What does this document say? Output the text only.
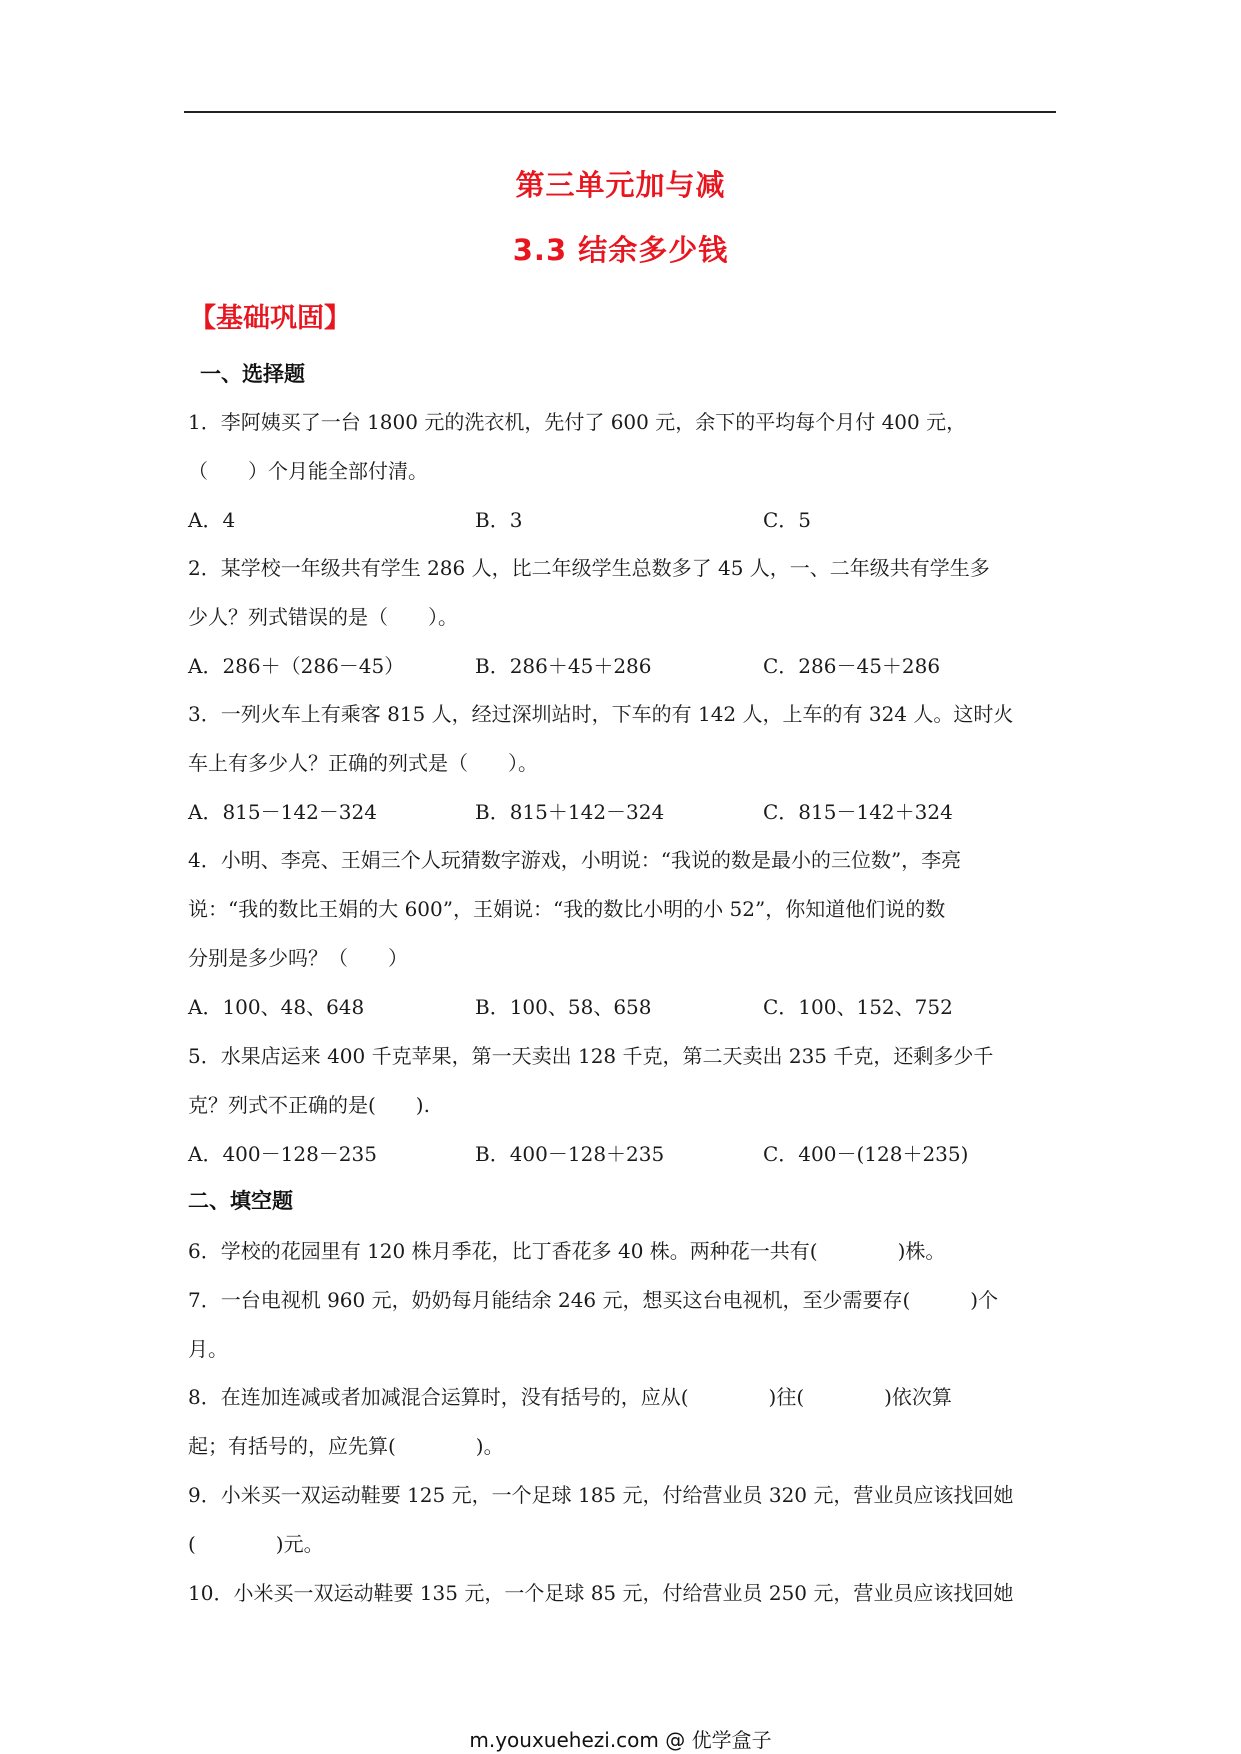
第三单元加与减
3.3 结余多少钱
【基础巩固】
一、选择题
1．李阿姨买了一台 1800 元的洗衣机，先付了 600 元，余下的平均每个月付 400 元，
（　　）个月能全部付清。
A．4	B．3	C．5
2．某学校一年级共有学生 286 人，比二年级学生总数多了 45 人，一、二年级共有学生多
少人？列式错误的是（　　）。
A．286＋（286－45）	B．286＋45＋286	C．286－45＋286
3．一列火车上有乘客 815 人，经过深圳站时，下车的有 142 人，上车的有 324 人。这时火
车上有多少人？正确的列式是（　　）。
A．815－142－324	B．815＋142－324	C．815－142＋324
4．小明、李亮、王娟三个人玩猜数字游戏，小明说：“我说的数是最小的三位数”，李亮
说：“我的数比王娟的大 600”，王娟说：“我的数比小明的小 52”，你知道他们说的数
分别是多少吗？（　　）
A．100、48、648	B．100、58、658	C．100、152、752
5．水果店运来 400 千克苹果，第一天卖出 128 千克，第二天卖出 235 千克，还剩多少千
克？列式不正确的是(　　).
A．400－128－235	B．400－128＋235	C．400－(128＋235)
二、填空题
6．学校的花园里有 120 株月季花，比丁香花多 40 株。两种花一共有(　　　　)株。
7．一台电视机 960 元，奶奶每月能结余 246 元，想买这台电视机，至少需要存(　　　)个
月。
8．在连加连减或者加减混合运算时，没有括号的，应从(　　　　)往(　　　　)依次算
起；有括号的，应先算(　　　　)。
9．小米买一双运动鞋要 125 元，一个足球 185 元，付给营业员 320 元，营业员应该找回她
(　　　　)元。
10．小米买一双运动鞋要 135 元，一个足球 85 元，付给营业员 250 元，营业员应该找回她
m.youxuehezi.com @ 优学盒子
